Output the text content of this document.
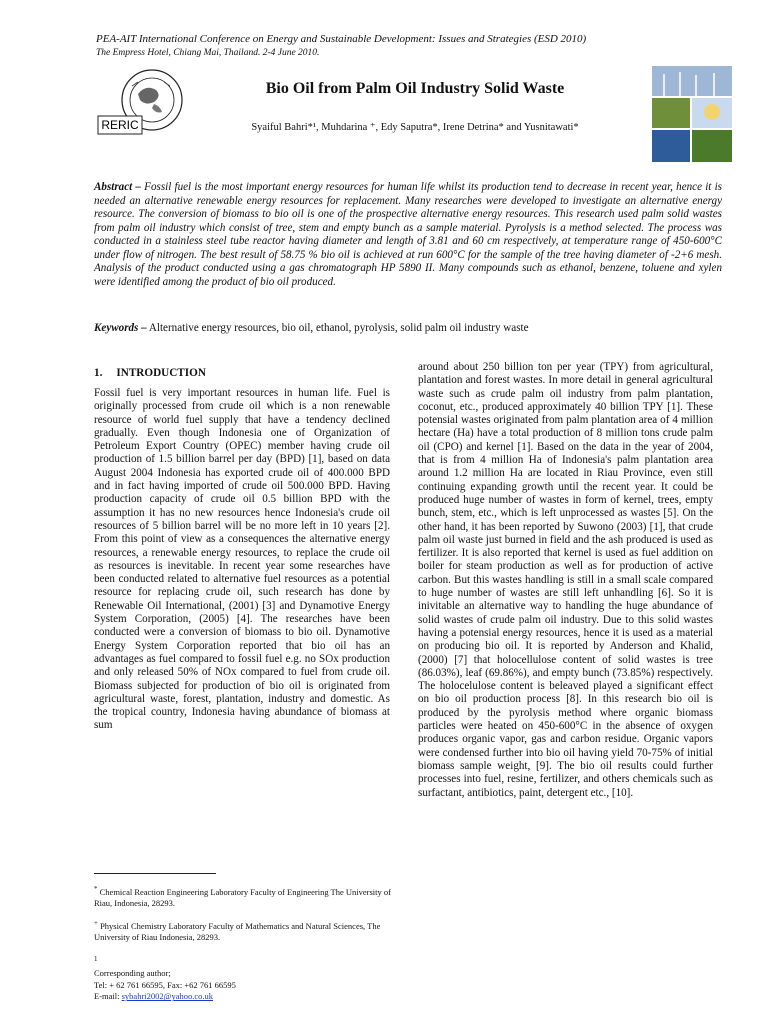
PEA-AIT International Conference on Energy and Sustainable Development: Issues and Strategies (ESD 2010)
The Empress Hotel, Chiang Mai, Thailand. 2-4 June 2010.
RERIC
Bio Oil from Palm Oil Industry Solid Waste
Syaiful Bahri*¹, Muhdarina ⁺, Edy Saputra*, Irene Detrina* and Yusnitawati*
Abstract – Fossil fuel is the most important energy resources for human life whilst its production tend to decrease in recent year, hence it is needed an alternative renewable energy resources for replacement. Many researches were developed to investigate an alternative energy resource. The conversion of biomass to bio oil is one of the prospective alternative energy resources. This research used palm solid wastes from palm oil industry which consist of tree, stem and empty bunch as a sample material. Pyrolysis is a method selected. The process was conducted in a stainless steel tube reactor having diameter and length of 3.81 and 60 cm respectively, at temperature range of 450-600°C under flow of nitrogen. The best result of 58.75 % bio oil is achieved at run 600°C for the sample of the tree having diameter of -2+6 mesh. Analysis of the product conducted using a gas chromatograph HP 5890 II. Many compounds such as ethanol, benzene, toluene and xylen were identified among the product of bio oil produced.
Keywords – Alternative energy resources, bio oil, ethanol, pyrolysis, solid palm oil industry waste
1. INTRODUCTION
Fossil fuel is very important resources in human life. Fuel is originally processed from crude oil which is a non renewable resource of world fuel supply that have a tendency declined gradually. Even though Indonesia one of Organization of Petroleum Export Country (OPEC) member having crude oil production of 1.5 billion barrel per day (BPD) [1], based on data August 2004 Indonesia has exported crude oil of 400.000 BPD and in fact having imported of crude oil 500.000 BPD. Having production capacity of crude oil 0.5 billion BPD with the assumption it has no new resources hence Indonesia's crude oil resources of 5 billion barrel will be no more left in 10 years [2]. From this point of view as a consequences the alternative energy resources, a renewable energy resources, to replace the crude oil as resources is inevitable. In recent year some researches have been conducted related to alternative fuel resources as a potential resource for replacing crude oil, such research has done by Renewable Oil International, (2001) [3] and Dynamotive Energy System Corporation, (2005) [4]. The researches have been conducted were a conversion of biomass to bio oil. Dynamotive Energy System Corporation reported that bio oil has an advantages as fuel compared to fossil fuel e.g. no SOx production and only released 50% of NOx compared to fuel from crude oil. Biomass subjected for production of bio oil is originated from agricultural waste, forest, plantation, industry and domestic. As the tropical country, Indonesia having abundance of biomass at sum
around about 250 billion ton per year (TPY) from agricultural, plantation and forest wastes. In more detail in general agricultural waste such as crude palm oil industry from palm plantation, coconut, etc., produced approximately 40 billion TPY [1]. These potensial wastes originated from palm plantation area of 4 million hectare (Ha) have a total production of 8 million tons crude palm oil (CPO) and kernel [1]. Based on the data in the year of 2004, that is from 4 million Ha of Indonesia's palm plantation area around 1.2 million Ha are located in Riau Province, even still continuing expanding growth until the recent year. It could be produced huge number of wastes in form of kernel, trees, empty bunch, stem, etc., which is left unprocessed as wastes [5]. On the other hand, it has been reported by Suwono (2003) [1], that crude palm oil waste just burned in field and the ash produced is used as fertilizer. It is also reported that kernel is used as fuel addition on boiler for steam production as well as for production of active carbon. But this wastes handling is still in a small scale compared to huge number of wastes are still left unhandling [6]. So it is inivitable an alternative way to handling the huge abundance of solid wastes of crude palm oil industry. Due to this solid wastes having a potensial energy resources, hence it is used as a material on producing bio oil. It is reported by Anderson and Khalid, (2000) [7] that holocellulose content of solid wastes is tree (86.03%), leaf (69.86%), and empty bunch (73.85%) respectively. The holocelulose content is beleaved played a significant effect on bio oil production process [8]. In this research bio oil is produced by the pyrolysis method where organic biomass particles were heated on 450-600°C in the absence of oxygen produces organic vapor, gas and carbon residue. Organic vapors were condensed further into bio oil having yield 70-75% of initial biomass sample weight, [9]. The bio oil results could further processes into fuel, resine, fertilizer, and others chemicals such as surfactant, antibiotics, paint, detergent etc., [10].
* Chemical Reaction Engineering Laboratory Faculty of Engineering The University of Riau, Indonesia, 28293.
+ Physical Chemistry Laboratory Faculty of Mathematics and Natural Sciences, The University of Riau Indonesia, 28293.
$^1$
Corresponding author;
Tel: + 62 761 66595, Fax: +62 761 66595
E-mail: sybahri2002@yahoo.co.uk
